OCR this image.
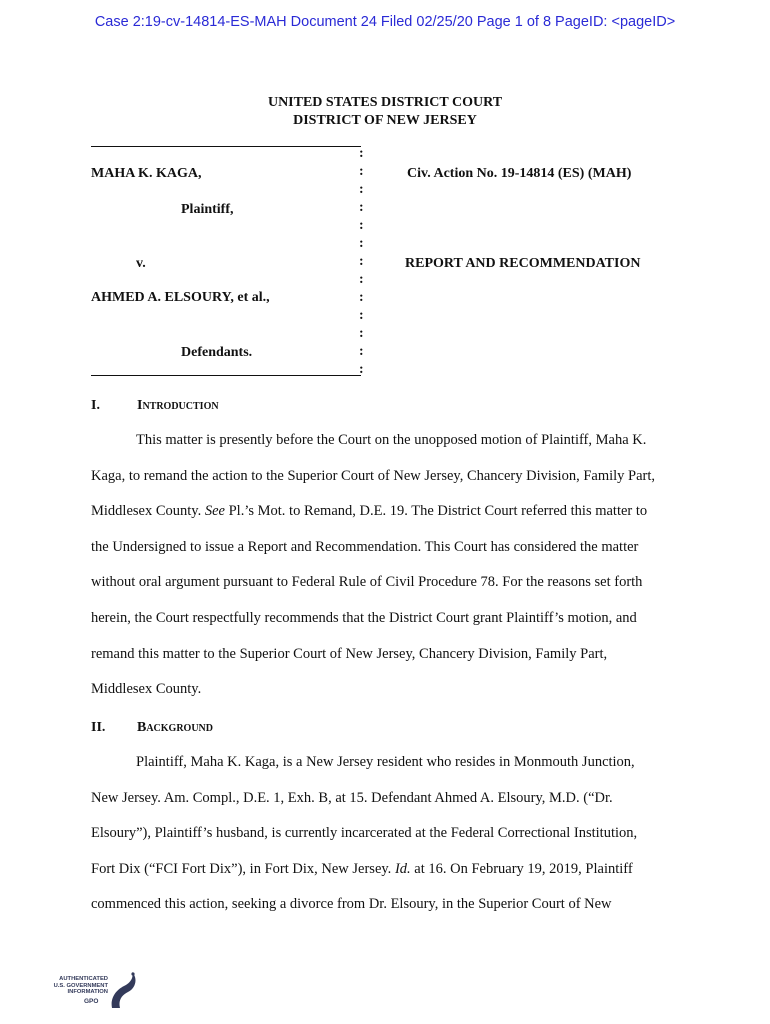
Case 2:19-cv-14814-ES-MAH Document 24 Filed 02/25/20 Page 1 of 8 PageID: <pageID>
UNITED STATES DISTRICT COURT
DISTRICT OF NEW JERSEY
:
:
:
:
:
:
:
:
:
:
:
:
:
MAHA K. KAGA,
Plaintiff,
v.
AHMED A. ELSOURY, et al.,
Defendants.
Civ. Action No. 19-14814 (ES) (MAH)
REPORT AND RECOMMENDATION
I.	Introduction
This matter is presently before the Court on the unopposed motion of Plaintiff, Maha K.
Kaga, to remand the action to the Superior Court of New Jersey, Chancery Division, Family Part,
Middlesex County. See Pl.’s Mot. to Remand, D.E. 19. The District Court referred this matter to
the Undersigned to issue a Report and Recommendation. This Court has considered the matter
without oral argument pursuant to Federal Rule of Civil Procedure 78. For the reasons set forth
herein, the Court respectfully recommends that the District Court grant Plaintiff’s motion, and
remand this matter to the Superior Court of New Jersey, Chancery Division, Family Part,
Middlesex County.
II. Background
Plaintiff, Maha K. Kaga, is a New Jersey resident who resides in Monmouth Junction,
New Jersey. Am. Compl., D.E. 1, Exh. B, at 15. Defendant Ahmed A. Elsoury, M.D. (“Dr.
Elsoury”), Plaintiff’s husband, is currently incarcerated at the Federal Correctional Institution,
Fort Dix (“FCI Fort Dix”), in Fort Dix, New Jersey. Id. at 16. On February 19, 2019, Plaintiff
commenced this action, seeking a divorce from Dr. Elsoury, in the Superior Court of New
AUTHENTICATED
U.S. GOVERNMENT
INFORMATION
GPO
